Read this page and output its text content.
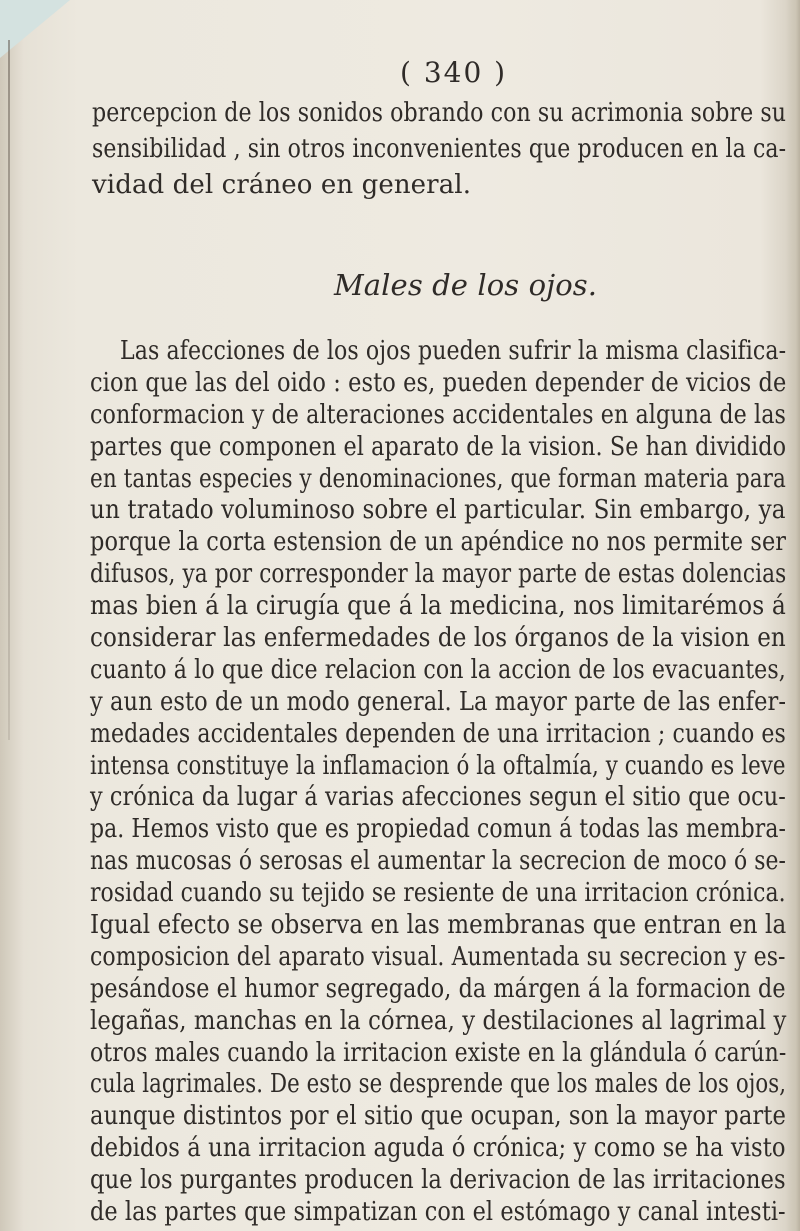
( 340 )
percepcion de los sonidos obrando con su acrimonia sobre su
sensibilidad , sin otros inconvenientes que producen en la ca-
vidad del cráneo en general.
Males de los ojos.
Las afecciones de los ojos pueden sufrir la misma clasifica-
cion que las del oido : esto es, pueden depender de vicios de
conformacion y de alteraciones accidentales en alguna de las
partes que componen el aparato de la vision. Se han dividido
en tantas especies y denominaciones, que forman materia para
un tratado voluminoso sobre el particular. Sin embargo, ya
porque la corta estension de un apéndice no nos permite ser
difusos, ya por corresponder la mayor parte de estas dolencias
mas bien á la cirugía que á la medicina, nos limitarémos á
considerar las enfermedades de los órganos de la vision en
cuanto á lo que dice relacion con la accion de los evacuantes,
y aun esto de un modo general. La mayor parte de las enfer-
medades accidentales dependen de una irritacion ; cuando es
intensa constituye la inflamacion ó la oftalmía, y cuando es leve
y crónica da lugar á varias afecciones segun el sitio que ocu-
pa. Hemos visto que es propiedad comun á todas las membra-
nas mucosas ó serosas el aumentar la secrecion de moco ó se-
rosidad cuando su tejido se resiente de una irritacion crónica.
Igual efecto se observa en las membranas que entran en la
composicion del aparato visual. Aumentada su secrecion y es-
pesándose el humor segregado, da márgen á la formacion de
legañas, manchas en la córnea, y destilaciones al lagrimal y
otros males cuando la irritacion existe en la glándula ó carún-
cula lagrimales. De esto se desprende que los males de los ojos,
aunque distintos por el sitio que ocupan, son la mayor parte
debidos á una irritacion aguda ó crónica; y como se ha visto
que los purgantes producen la derivacion de las irritaciones
de las partes que simpatizan con el estómago y canal intesti-
